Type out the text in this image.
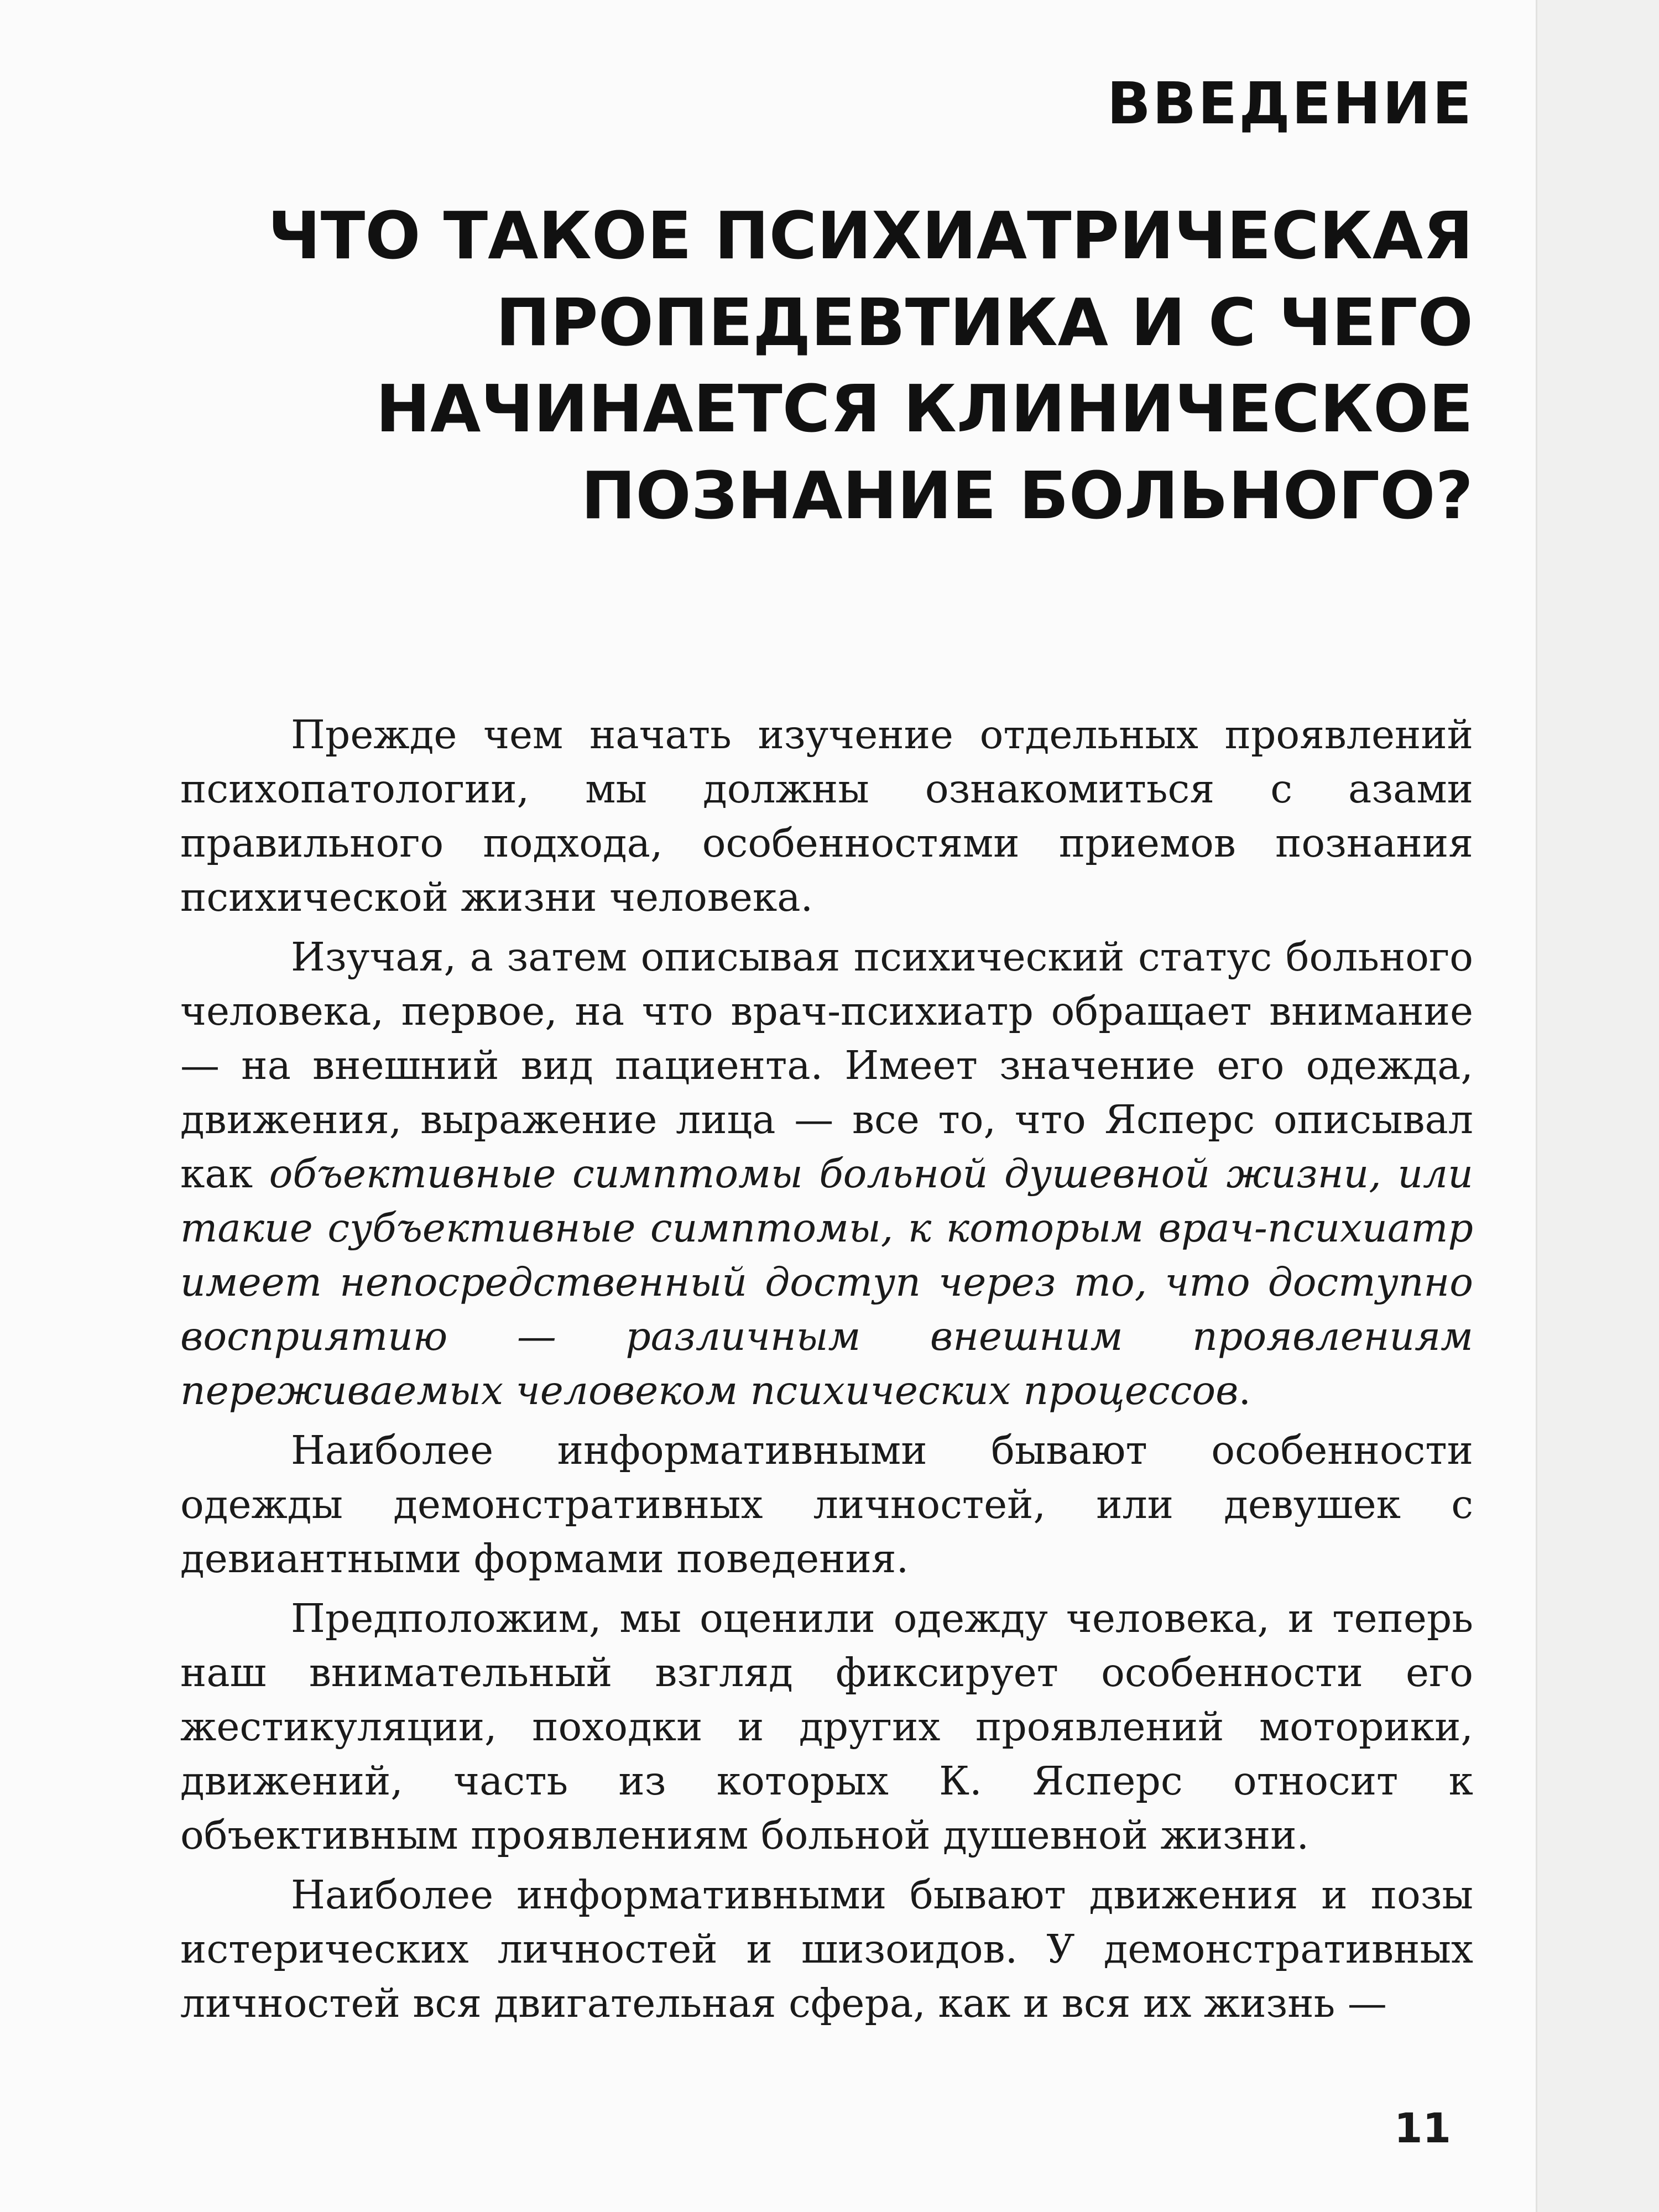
ВВЕДЕНИЕ
ЧТО ТАКОЕ ПСИХИАТРИЧЕСКАЯ ПРОПЕДЕВТИКА И С ЧЕГО НАЧИНАЕТСЯ КЛИНИЧЕСКОЕ ПОЗНАНИЕ БОЛЬНОГО?

Прежде чем начать изучение отдельных проявлений психопатологии, мы должны ознакомиться с азами правильного подхода, особенностями приемов познания психической жизни человека.

Изучая, а затем описывая психический статус больного человека, первое, на что врач-психиатр обращает внимание — на внешний вид пациента. Имеет значение его одежда, движения, выражение лица — все то, что Ясперс описывал как объективные симптомы больной душевной жизни, или такие субъективные симптомы, к которым врач-психиатр имеет непосредственный доступ через то, что доступно восприятию — различным внешним проявлениям переживаемых человеком психических процессов.

Наиболее информативными бывают особенности одежды демонстративных личностей, или девушек с девиантными формами поведения.

Предположим, мы оценили одежду человека, и теперь наш внимательный взгляд фиксирует особенности его жестикуляции, походки и других проявлений моторики, движений, часть из которых К. Ясперс относит к объективным проявлениям больной душевной жизни.

Наиболее информативными бывают движения и позы истерических личностей и шизоидов. У демонстративных личностей вся двигательная сфера, как и вся их жизнь —

11
